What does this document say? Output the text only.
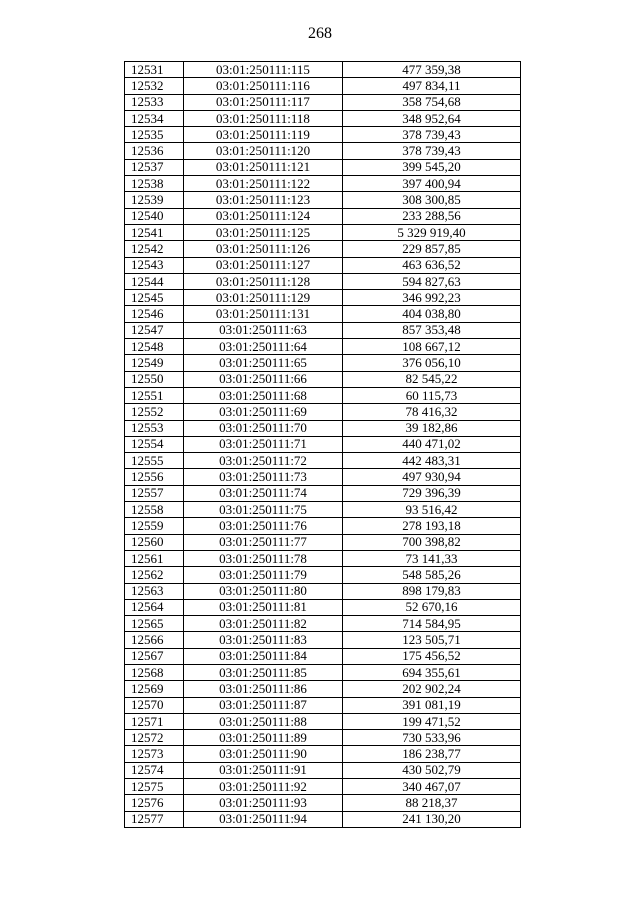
268
12531	03:01:250111:115	477 359,38
12532	03:01:250111:116	497 834,11
12533	03:01:250111:117	358 754,68
12534	03:01:250111:118	348 952,64
12535	03:01:250111:119	378 739,43
12536	03:01:250111:120	378 739,43
12537	03:01:250111:121	399 545,20
12538	03:01:250111:122	397 400,94
12539	03:01:250111:123	308 300,85
12540	03:01:250111:124	233 288,56
12541	03:01:250111:125	5 329 919,40
12542	03:01:250111:126	229 857,85
12543	03:01:250111:127	463 636,52
12544	03:01:250111:128	594 827,63
12545	03:01:250111:129	346 992,23
12546	03:01:250111:131	404 038,80
12547	03:01:250111:63	857 353,48
12548	03:01:250111:64	108 667,12
12549	03:01:250111:65	376 056,10
12550	03:01:250111:66	82 545,22
12551	03:01:250111:68	60 115,73
12552	03:01:250111:69	78 416,32
12553	03:01:250111:70	39 182,86
12554	03:01:250111:71	440 471,02
12555	03:01:250111:72	442 483,31
12556	03:01:250111:73	497 930,94
12557	03:01:250111:74	729 396,39
12558	03:01:250111:75	93 516,42
12559	03:01:250111:76	278 193,18
12560	03:01:250111:77	700 398,82
12561	03:01:250111:78	73 141,33
12562	03:01:250111:79	548 585,26
12563	03:01:250111:80	898 179,83
12564	03:01:250111:81	52 670,16
12565	03:01:250111:82	714 584,95
12566	03:01:250111:83	123 505,71
12567	03:01:250111:84	175 456,52
12568	03:01:250111:85	694 355,61
12569	03:01:250111:86	202 902,24
12570	03:01:250111:87	391 081,19
12571	03:01:250111:88	199 471,52
12572	03:01:250111:89	730 533,96
12573	03:01:250111:90	186 238,77
12574	03:01:250111:91	430 502,79
12575	03:01:250111:92	340 467,07
12576	03:01:250111:93	88 218,37
12577	03:01:250111:94	241 130,20
